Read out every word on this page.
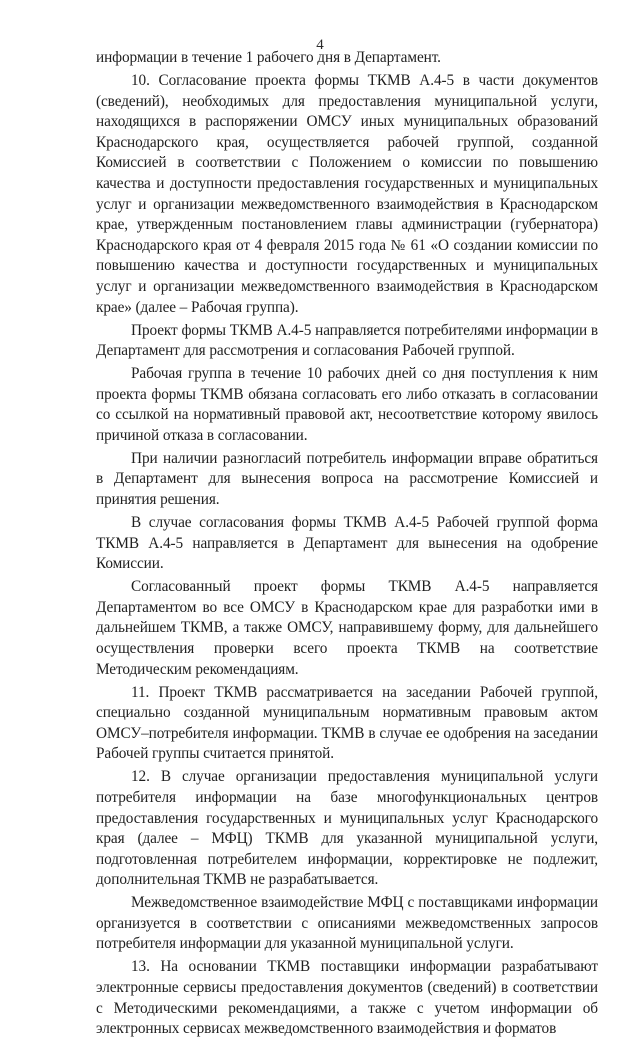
4

информации в течение 1 рабочего дня в Департамент.

10. Согласование проекта формы ТКМВ А.4-5 в части документов (сведений), необходимых для предоставления муниципальной услуги, находящихся в распоряжении ОМСУ иных муниципальных образований Краснодарского края, осуществляется рабочей группой, созданной Комиссией в соответствии с Положением о комиссии по повышению качества и доступности предоставления государственных и муниципальных услуг и организации межведомственного взаимодействия в Краснодарском крае, утвержденным постановлением главы администрации (губернатора) Краснодарского края от 4 февраля 2015 года № 61 «О создании комиссии по повышению качества и доступности государственных и муниципальных услуг и организации межведомственного взаимодействия в Краснодарском крае» (далее – Рабочая группа).

Проект формы ТКМВ А.4-5 направляется потребителями информации в Департамент для рассмотрения и согласования Рабочей группой.

Рабочая группа в течение 10 рабочих дней со дня поступления к ним проекта формы ТКМВ обязана согласовать его либо отказать в согласовании со ссылкой на нормативный правовой акт, несоответствие которому явилось причиной отказа в согласовании.

При наличии разногласий потребитель информации вправе обратиться в Департамент для вынесения вопроса на рассмотрение Комиссией и принятия решения.

В случае согласования формы ТКМВ А.4-5 Рабочей группой форма ТКМВ А.4-5 направляется в Департамент для вынесения на одобрение Комиссии.

Согласованный проект формы ТКМВ А.4-5 направляется Департаментом во все ОМСУ в Краснодарском крае для разработки ими в дальнейшем ТКМВ, а также ОМСУ, направившему форму, для дальнейшего осуществления проверки всего проекта ТКМВ на соответствие Методическим рекомендациям.

11. Проект ТКМВ рассматривается на заседании Рабочей группой, специально созданной муниципальным нормативным правовым актом ОМСУ–потребителя информации. ТКМВ в случае ее одобрения на заседании Рабочей группы считается принятой.

12. В случае организации предоставления муниципальной услуги потребителя информации на базе многофункциональных центров предоставления государственных и муниципальных услуг Краснодарского края (далее – МФЦ) ТКМВ для указанной муниципальной услуги, подготовленная потребителем информации, корректировке не подлежит, дополнительная ТКМВ не разрабатывается.

Межведомственное взаимодействие МФЦ с поставщиками информации организуется в соответствии с описаниями межведомственных запросов потребителя информации для указанной муниципальной услуги.

13. На основании ТКМВ поставщики информации разрабатывают электронные сервисы предоставления документов (сведений) в соответствии с Методическими рекомендациями, а также с учетом информации об электронных сервисах межведомственного взаимодействия и форматов
